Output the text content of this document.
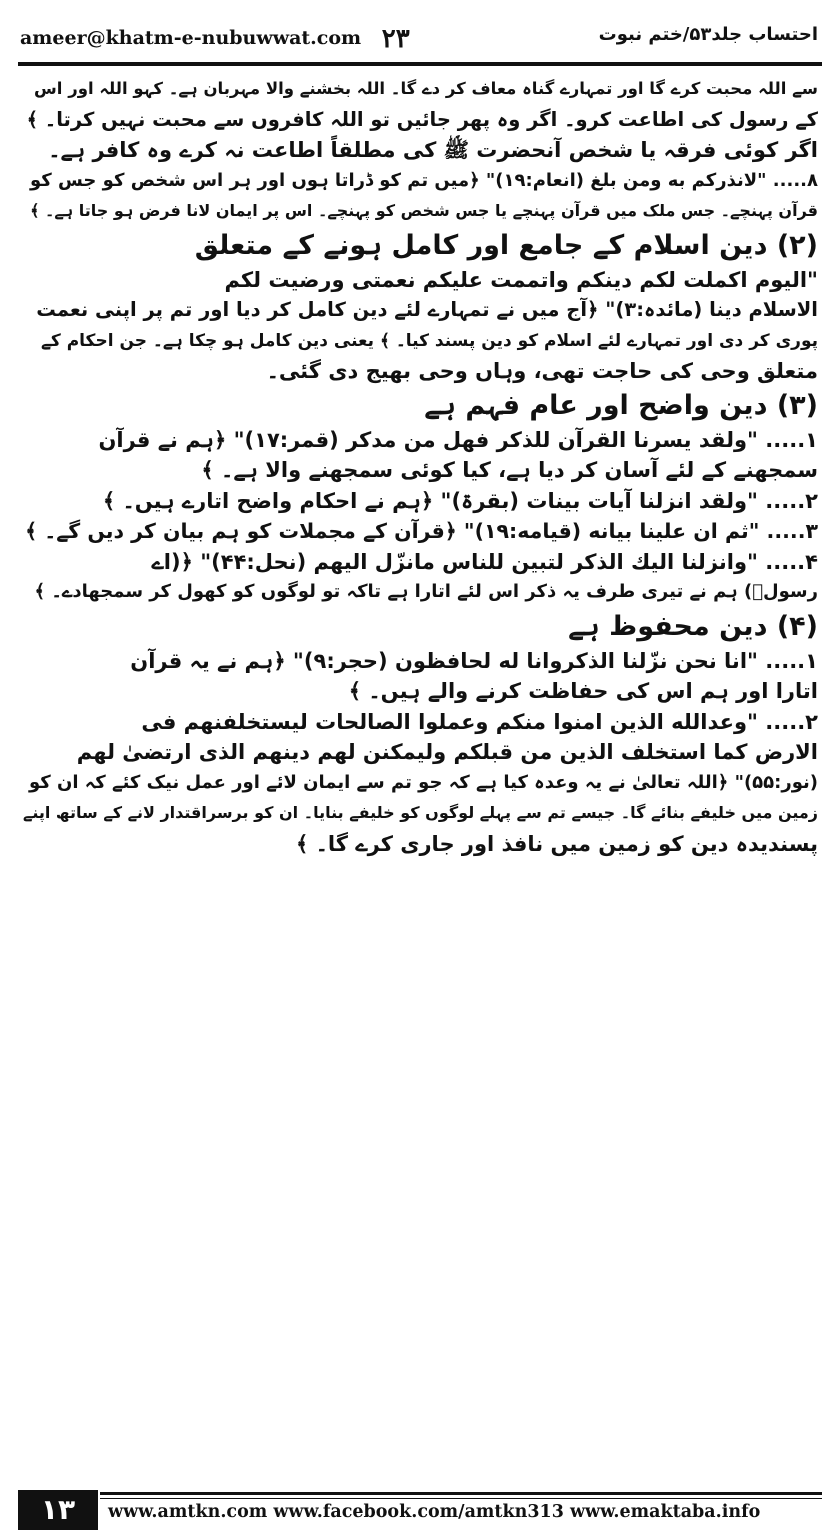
ameer@khatm-e-nubuwwat.com ۲۳	احتساب جلد۵۳/ختم نبوت
سے اللہ محبت کرے گا اور تمہارے گناہ معاف کر دے گا۔ اللہ بخشنے والا مہربان ہے۔ کہو اللہ اور اس
کے رسول کی اطاعت کرو۔ اگر وہ پھر جائیں تو اللہ کافروں سے محبت نہیں کرتا۔ ﴾
اگر کوئی فرقہ یا شخص آنحضرت ﷺ کی مطلقاً اطاعت نہ کرے وہ کافر ہے۔
۸..... "لانذرکم به ومن بلغ (انعام:۱۹)" ﴿میں تم کو ڈراتا ہوں اور ہر اس شخص کو جس کو
قرآن پہنچے۔ جس ملک میں قرآن پہنچے یا جس شخص کو پہنچے۔ اس پر ایمان لانا فرض ہو جاتا ہے۔ ﴾
(۲) دین اسلام کے جامع اور کامل ہونے کے متعلق
"الیوم اکملت لکم دینکم واتممت علیکم نعمتی ورضیت لکم
الاسلام دینا (مائدہ:۳)" ﴿آج میں نے تمہارے لئے دین کامل کر دیا اور تم پر اپنی نعمت
پوری کر دی اور تمہارے لئے اسلام کو دین پسند کیا۔ ﴾ یعنی دین کامل ہو چکا ہے۔ جن احکام کے
متعلق وحی کی حاجت تھی، وہاں وحی بھیج دی گئی۔
(۳) دین واضح اور عام فہم ہے
۱..... "ولقد یسرنا القرآن للذکر فهل من مدکر (قمر:۱۷)" ﴿ہم نے قرآن
سمجھنے کے لئے آسان کر دیا ہے، کیا کوئی سمجھنے والا ہے۔ ﴾
۲..... "ولقد انزلنا آیات بینات (بقرۃ)" ﴿ہم نے احکام واضح اتارے ہیں۔ ﴾
۳..... "ثم ان علینا بیانه (قیامه:۱۹)" ﴿قرآن کے مجملات کو ہم بیان کر دیں گے۔ ﴾
۴..... "وانزلنا الیك الذکر لتبین للناس مانزّل الیهم (نحل:۴۴)" ﴿(اے
رسولؐ) ہم نے تیری طرف یہ ذکر اس لئے اتارا ہے تاکہ تو لوگوں کو کھول کر سمجھادے۔ ﴾
(۴) دین محفوظ ہے
۱..... "انا نحن نزّلنا الذکروانا له لحافظون (حجر:۹)" ﴿ہم نے یہ قرآن
اتارا اور ہم اس کی حفاظت کرنے والے ہیں۔ ﴾
۲..... "وعدالله الذین امنوا منکم وعملوا الصالحات لیستخلفنهم فی
الارض کما استخلف الذین من قبلکم ولیمکنن لهم دینهم الذی ارتضیٰ لهم
(نور:۵۵)" ﴿اللہ تعالیٰ نے یہ وعدہ کیا ہے کہ جو تم سے ایمان لائے اور عمل نیک کئے کہ ان کو
زمین میں خلیفے بنائے گا۔ جیسے تم سے پہلے لوگوں کو خلیفے بنایا۔ ان کو برسراقتدار لانے کے ساتھ اپنے
پسندیدہ دین کو زمین میں نافذ اور جاری کرے گا۔ ﴾
۱۳	www.amtkn.com www.facebook.com/amtkn313 www.emaktaba.info
